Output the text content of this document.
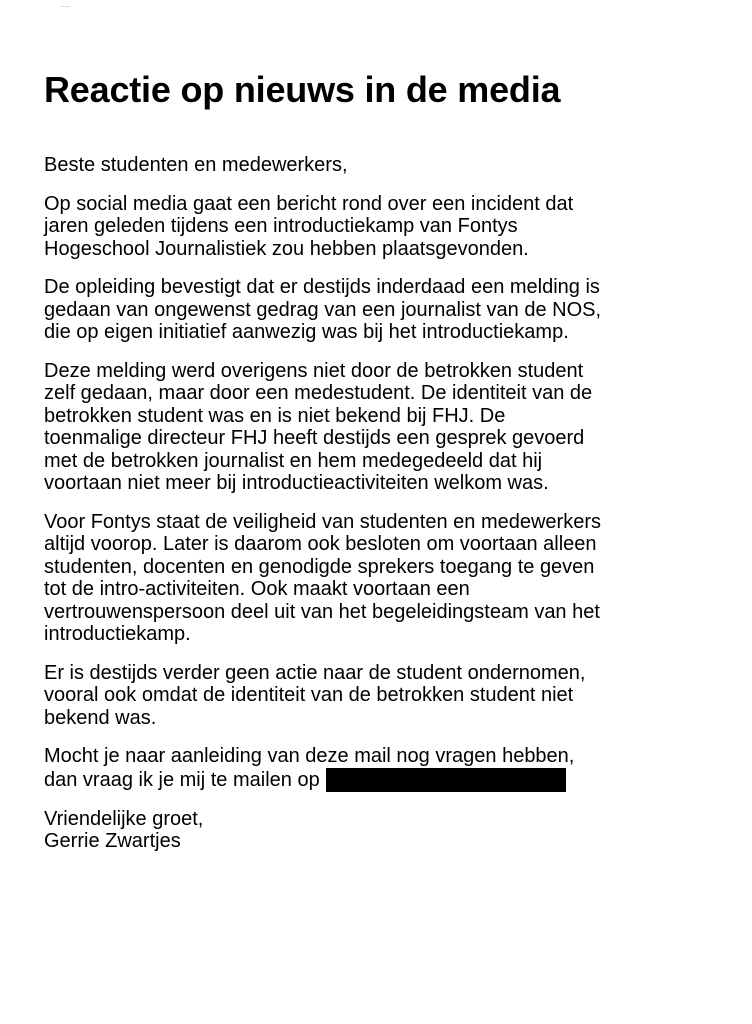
Reactie op nieuws in de media

Beste studenten en medewerkers,

Op social media gaat een bericht rond over een incident dat
jaren geleden tijdens een introductiekamp van Fontys
Hogeschool Journalistiek zou hebben plaatsgevonden.

De opleiding bevestigt dat er destijds inderdaad een melding is
gedaan van ongewenst gedrag van een journalist van de NOS,
die op eigen initiatief aanwezig was bij het introductiekamp.

Deze melding werd overigens niet door de betrokken student
zelf gedaan, maar door een medestudent. De identiteit van de
betrokken student was en is niet bekend bij FHJ. De
toenmalige directeur FHJ heeft destijds een gesprek gevoerd
met de betrokken journalist en hem medegedeeld dat hij
voortaan niet meer bij introductieactiviteiten welkom was.

Voor Fontys staat de veiligheid van studenten en medewerkers
altijd voorop. Later is daarom ook besloten om voortaan alleen
studenten, docenten en genodigde sprekers toegang te geven
tot de intro-activiteiten. Ook maakt voortaan een
vertrouwenspersoon deel uit van het begeleidingsteam van het
introductiekamp.

Er is destijds verder geen actie naar de student ondernomen,
vooral ook omdat de identiteit van de betrokken student niet
bekend was.

Mocht je naar aanleiding van deze mail nog vragen hebben,
dan vraag ik je mij te mailen op

Vriendelijke groet,
Gerrie Zwartjes
